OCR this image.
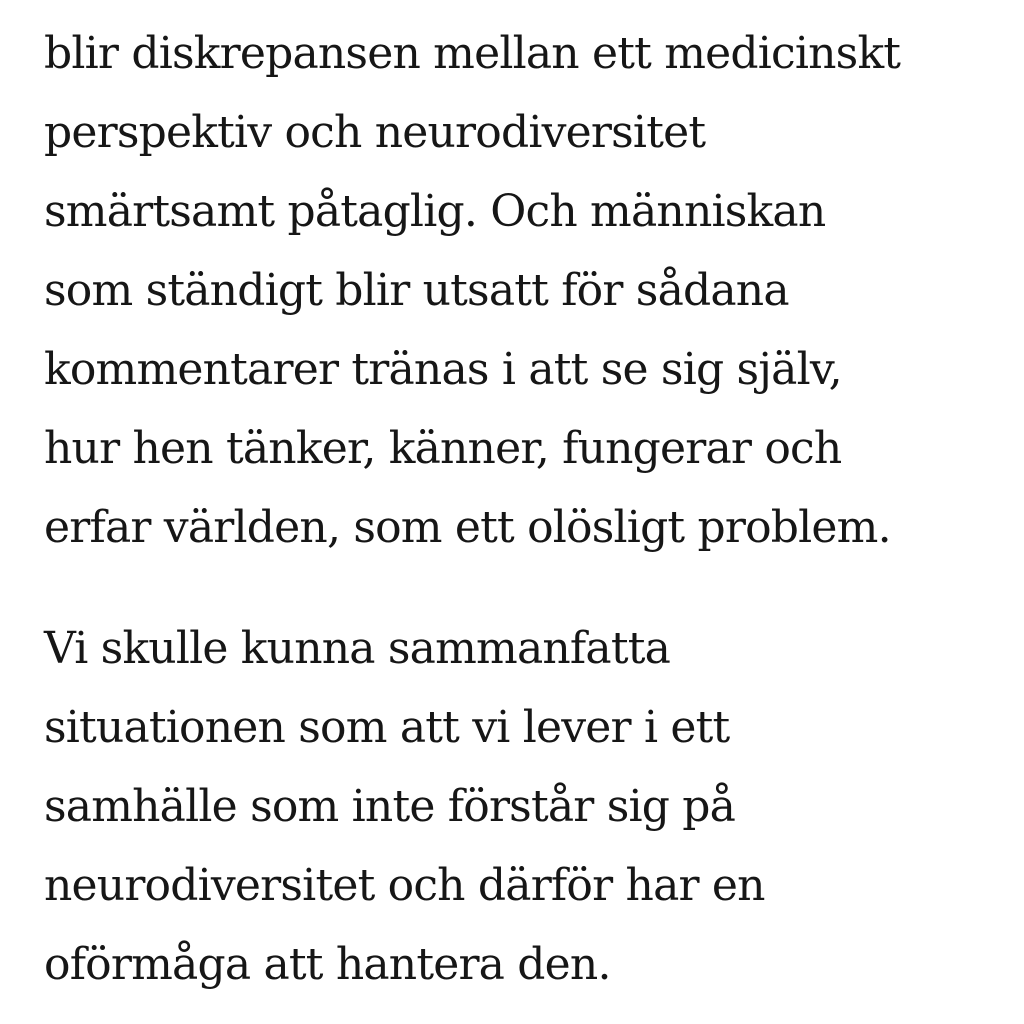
blir diskrepansen mellan ett medicinskt
perspektiv och neurodiversitet
smärtsamt påtaglig. Och människan
som ständigt blir utsatt för sådana
kommentarer tränas i att se sig själv,
hur hen tänker, känner, fungerar och
erfar världen, som ett olösligt problem.
Vi skulle kunna sammanfatta
situationen som att vi lever i ett
samhälle som inte förstår sig på
neurodiversitet och därför har en
oförmåga att hantera den.
